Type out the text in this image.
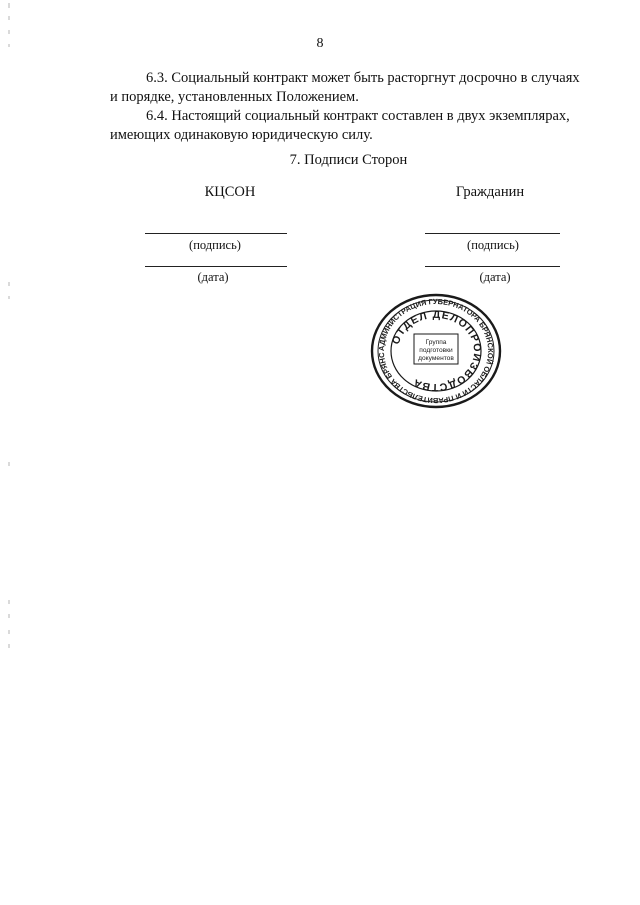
8

6.3. Социальный контракт может быть расторгнут досрочно в случаях
и порядке, установленных Положением.

6.4. Настоящий социальный контракт составлен в двух экземплярах,
имеющих одинаковую юридическую силу.

7. Подписи Сторон
КЦСОН	Гражданин
(подпись)
(дата)
(подпись)
(дата)
АДМИНИСТРАЦИЯ ГУБЕРНАТОРА БРЯНСКОЙ ОБЛАСТИ И ПРАВИТЕЛЬСТВА БРЯНС
ОТДЕЛ ДЕЛОПРОИЗВОДСТВА
Группа
подготовки
документов
